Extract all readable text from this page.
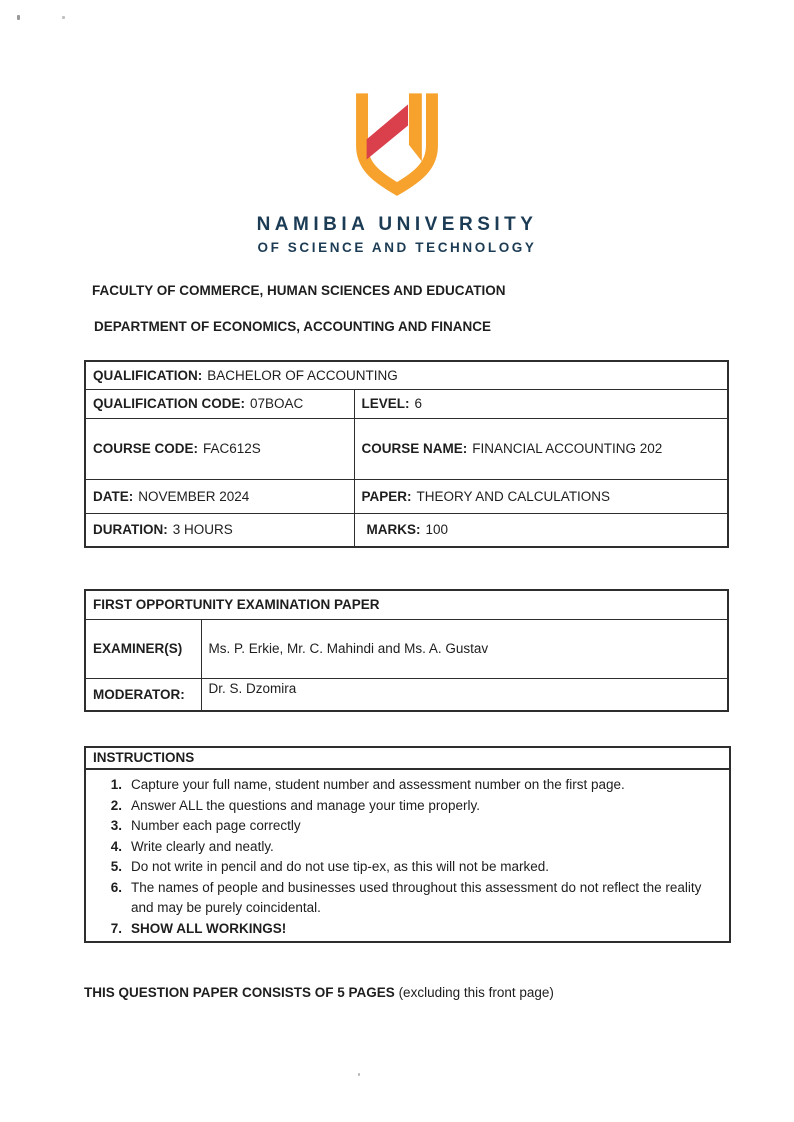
NAMIBIA UNIVERSITY
OF SCIENCE AND TECHNOLOGY
FACULTY OF COMMERCE, HUMAN SCIENCES AND EDUCATION
DEPARTMENT OF ECONOMICS, ACCOUNTING AND FINANCE
QUALIFICATION: BACHELOR OF ACCOUNTING	
QUALIFICATION CODE: 07BOAC	LEVEL: 6
COURSE CODE: FAC612S	COURSE NAME: FINANCIAL ACCOUNTING 202
DATE: NOVEMBER 2024	PAPER: THEORY AND CALCULATIONS
DURATION: 3 HOURS	MARKS: 100
FIRST OPPORTUNITY EXAMINATION PAPER	
EXAMINER(S)	Ms. P. Erkie, Mr. C. Mahindi and Ms. A. Gustav
MODERATOR:	Dr. S. Dzomira
INSTRUCTIONS
1. Capture your full name, student number and assessment number on the first page.
2. Answer ALL the questions and manage your time properly.
3. Number each page correctly
4. Write clearly and neatly.
5. Do not write in pencil and do not use tip-ex, as this will not be marked.
6. The names of people and businesses used throughout this assessment do not reflect the reality and may be purely coincidental.
7. SHOW ALL WORKINGS!
THIS QUESTION PAPER CONSISTS OF 5 PAGES (excluding this front page)
